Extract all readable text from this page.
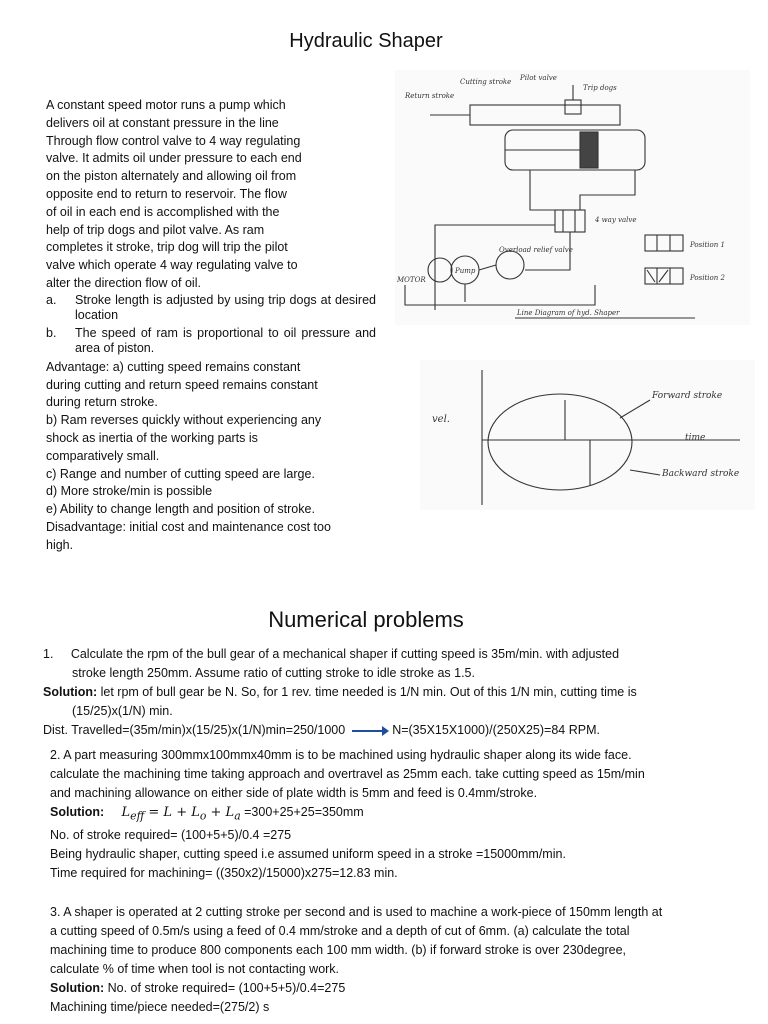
Hydraulic Shaper

A constant speed motor runs a pump which

delivers oil at constant pressure in the line

Through flow control valve to 4 way regulating

valve. It admits oil under pressure to each end

on the piston alternately and allowing oil from

opposite end to return to reservoir. The flow

of oil in each end is accomplished with the

help of trip dogs and pilot valve. As ram

completes it stroke, trip dog will trip the pilot

valve which operate 4 way regulating valve to

alter the direction flow of oil.

a.	Stroke length is adjusted by using trip dogs at desired location
b.	The speed of ram is proportional to oil pressure and area of piston.

Advantage: a) cutting speed remains constant

during cutting and return speed remains constant

during return stroke.

b) Ram reverses quickly without experiencing any

shock as inertia of the working parts is

comparatively small.

c) Range and number of cutting speed are large.

d) More stroke/min is possible

e) Ability to change length and position of stroke.

Disadvantage: initial cost and maintenance cost too

high.

Return stroke
Cutting stroke Pilot valve
Trip dogs
4 way valve
Position 1
Position 2
Pump
MOTOR
Overload relief valve
Line Diagram of hyd. Shaper
vel.
Forward stroke
time
Backward stroke
Numerical problems

1. Calculate the rpm of the bull gear of a mechanical shaper if cutting speed is 35m/min. with adjusted

stroke length 250mm. Assume ratio of cutting stroke to idle stroke as 1.5.

Solution: let rpm of bull gear be N. So, for 1 rev. time needed is 1/N min. Out of this 1/N min, cutting time is

(15/25)x(1/N) min.

Dist. Travelled=(35m/min)x(15/25)x(1/N)min=250/1000	N=(35X15X1000)/(250X25)=84 RPM.

2. A part measuring 300mmx100mmx40mm is to be machined using hydraulic shaper along its wide face.

calculate the machining time taking approach and overtravel as 25mm each. take cutting speed as 15m/min

and machining allowance on either side of plate width is 5mm and feed is 0.4mm/stroke.

Solution: $L_{eff} = L + L_o + L_a =300+25+25=350mm$

No. of stroke required= (100+5+5)/0.4 =275

Being hydraulic shaper, cutting speed i.e assumed uniform speed in a stroke =15000mm/min.

Time required for machining= ((350x2)/15000)x275=12.83 min.

3. A shaper is operated at 2 cutting stroke per second and is used to machine a work-piece of 150mm length at

a cutting speed of 0.5m/s using a feed of 0.4 mm/stroke and a depth of cut of 6mm. (a) calculate the total

machining time to produce 800 components each 100 mm width. (b) if forward stroke is over 230degree,

calculate % of time when tool is not contacting work.

Solution: No. of stroke required= (100+5+5)/0.4=275

Machining time/piece needed=(275/2) s
